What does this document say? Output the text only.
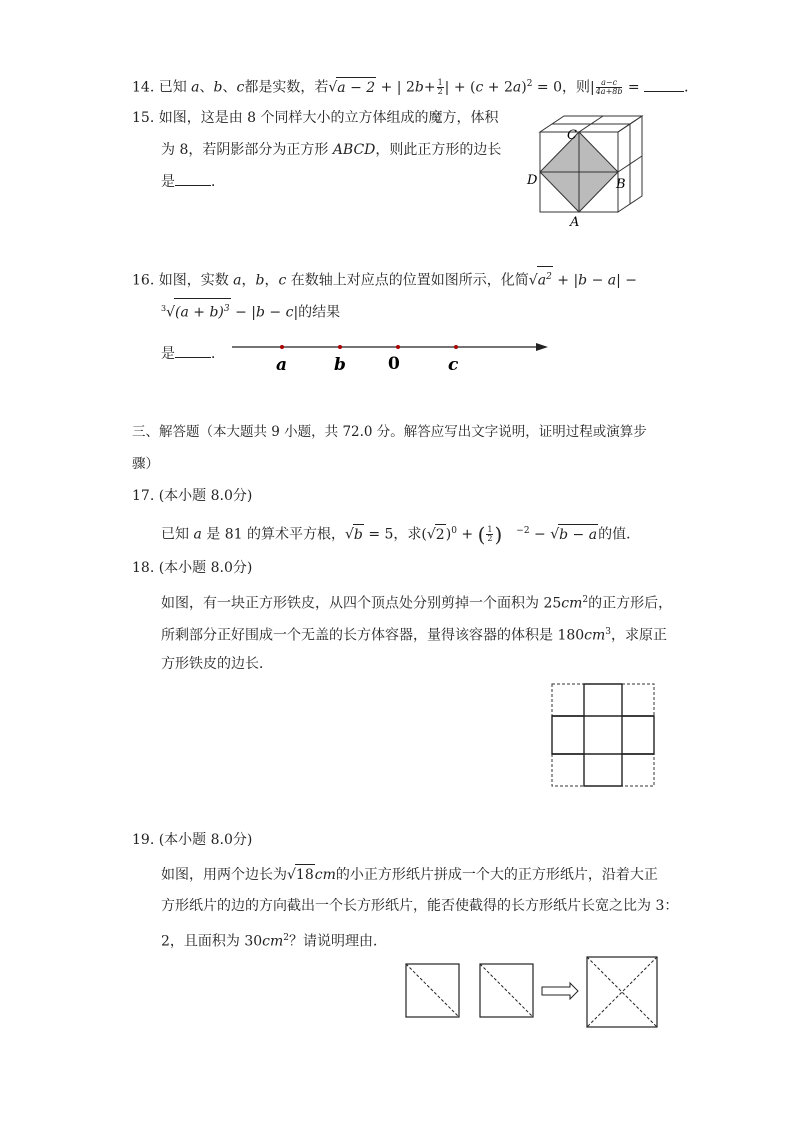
14. 已知 a、b、c都是实数，若√a − 2 + | $2b+ \frac{1}{2}$ | + $(c + 2a)^2 = 0$，则| $\frac{a-c}{4a+8b}$ =	．
15. 如图，这是由 8 个同样大小的立方体组成的魔方，体积
为 8，若阴影部分为正方形 ABCD，则此正方形的边长
是	．
C
D	B
A
16. 如图，实数 a，b，c 在数轴上对应点的位置如图所示，化简$√a^2 + |b - a|$ −
$^3√(a + b)^3 - |b - c|$的结果
是	．
a	b 0	c
三、解答题（本大题共 9 小题，共 72.0 分。解答应写出文字说明，证明过程或演算步
骤）
17. (本小题 8.0分)
已知 a 是 81 的算术平方根，√b = 5，求$(√2)^0$ + ( $\frac{1}{2}$ ) $^{-2}$ − √b − a的值．
18. (本小题 8.0分)
如图，有一块正方形铁皮，从四个顶点处分别剪掉一个面积为 $25cm^2$的正方形后，
所剩部分正好围成一个无盖的长方体容器，量得该容器的体积是 $180cm^3$，求原正
方形铁皮的边长．
19. (本小题 8.0分)
如图，用两个边长为√18cm的小正方形纸片拼成一个大的正方形纸片，沿着大正
方形纸片的边的方向截出一个长方形纸片，能否使截得的长方形纸片长宽之比为 3：
2，且面积为 $30cm^2$？请说明理由．
